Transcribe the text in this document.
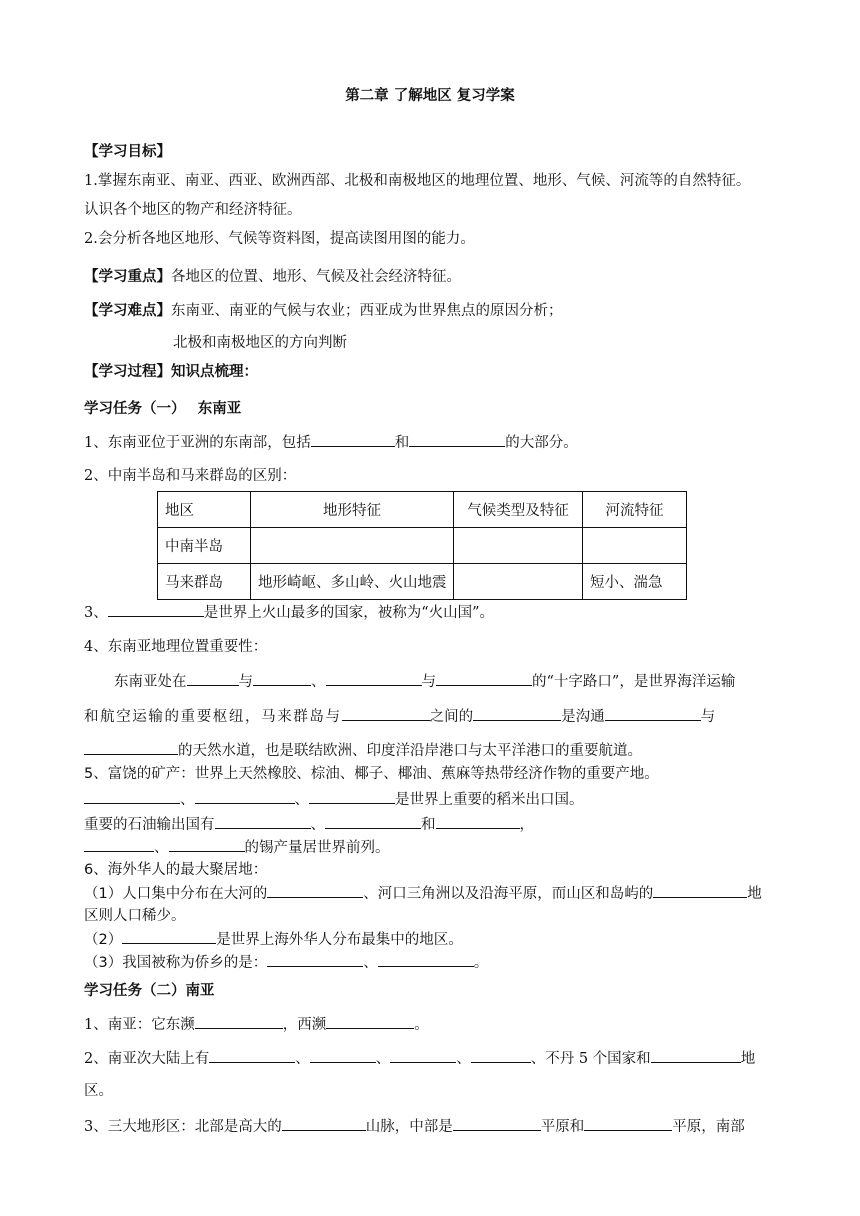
第二章 了解地区 复习学案
【学习目标】
1.掌握东南亚、南亚、西亚、欧洲西部、北极和南极地区的地理位置、地形、气候、河流等的自然特征。
认识各个地区的物产和经济特征。
2.会分析各地区地形、气候等资料图，提高读图用图的能力。
【学习重点】各地区的位置、地形、气候及社会经济特征。
【学习难点】东南亚、南亚的气候与农业；西亚成为世界焦点的原因分析；
北极和南极地区的方向判断
【学习过程】知识点梳理：
学习任务（一）　 东南亚
1、东南亚位于亚洲的东南部，包括	和	的大部分。
2、中南半岛和马来群岛的区别：
地区	地形特征	气候类型及特征	河流特征
中南半岛			
马来群岛	地形崎岖、多山岭、火山地震		短小、湍急
3、	是世界上火山最多的国家，被称为“火山国”。
4、东南亚地理位置重要性：
东南亚处在	与	、	与	的“十字路口”，是世界海洋运输
和航空运输的重要枢纽，马来群岛与	之间的	是沟通	与
的天然水道，也是联结欧洲、印度洋沿岸港口与太平洋港口的重要航道。
5、富饶的矿产：世界上天然橡胶、棕油、椰子、椰油、蕉麻等热带经济作物的重要产地。
、	、	是世界上重要的稻米出口国。
重要的石油输出国有	、	和	，
、	的锡产量居世界前列。
6、海外华人的最大聚居地：
（1）人口集中分布在大河的	、河口三角洲以及沿海平原，而山区和岛屿的	地
区则人口稀少。
（2）	是世界上海外华人分布最集中的地区。
（3）我国被称为侨乡的是：	、	。
学习任务（二）南亚
1、南亚：它东濒	，西濒	。
2、南亚次大陆上有	、	、	、	、不丹 5 个国家和	地
区。
3、三大地形区：北部是高大的	山脉，中部是	平原和	平原，南部
